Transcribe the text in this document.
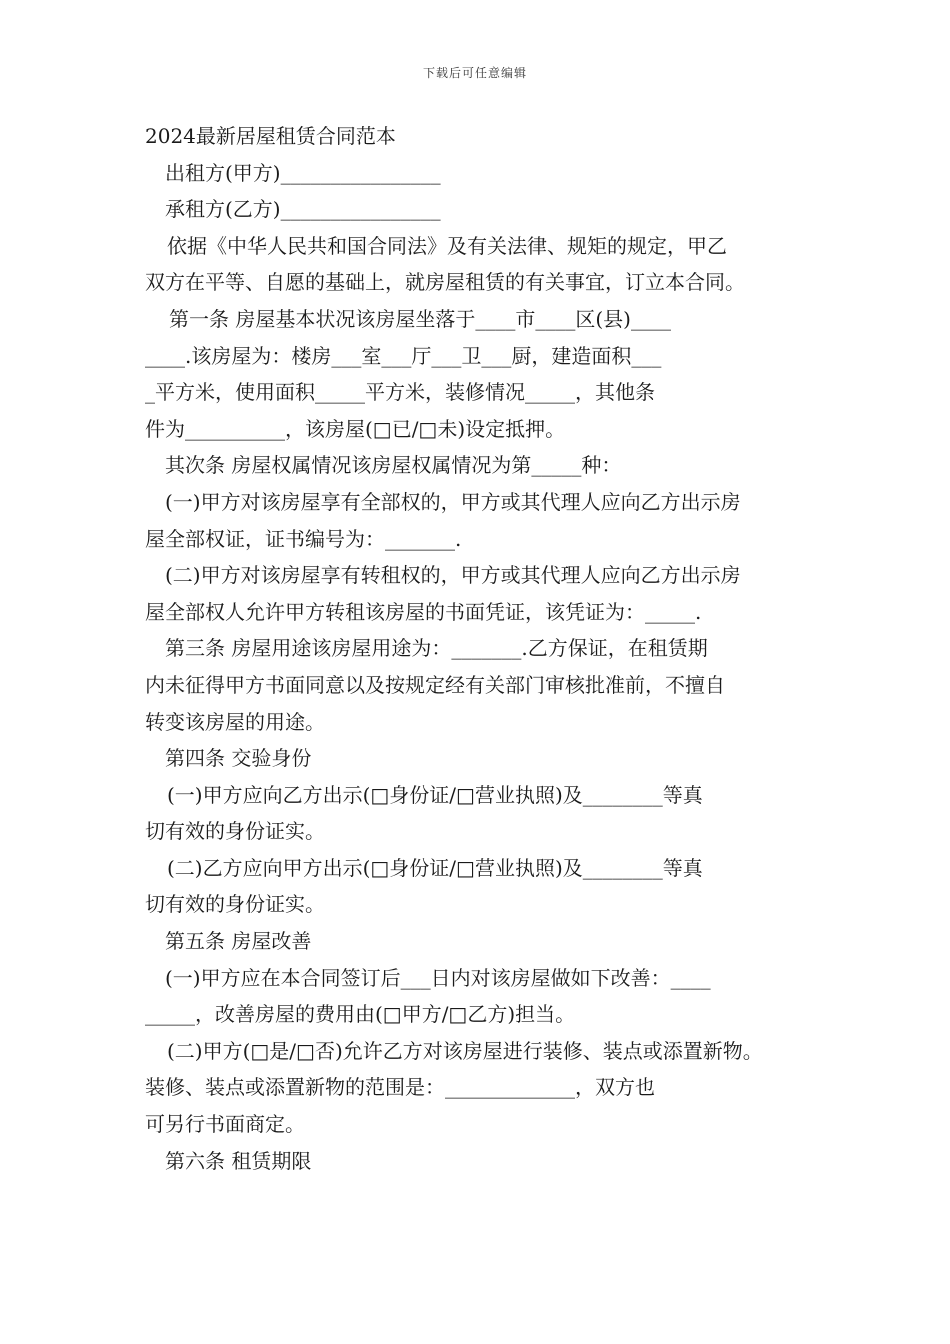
下载后可任意编辑

2024最新居屋租赁合同范本

出租方(甲方)________________

承租方(乙方)________________

依据《中华人民共和国合同法》及有关法律、规矩的规定，甲乙

双方在平等、自愿的基础上，就房屋租赁的有关事宜，订立本合同。

第一条 房屋基本状况该房屋坐落于____市____区(县)____

____.该房屋为：楼房___室___厅___卫___厨，建造面积___

_平方米，使用面积_____平方米，装修情况_____，其他条

件为__________，该房屋(□已/□未)设定抵押。

其次条 房屋权属情况该房屋权属情况为第_____种：

(一)甲方对该房屋享有全部权的，甲方或其代理人应向乙方出示房

屋全部权证，证书编号为：_______.

(二)甲方对该房屋享有转租权的，甲方或其代理人应向乙方出示房

屋全部权人允许甲方转租该房屋的书面凭证，该凭证为：_____.

第三条 房屋用途该房屋用途为：_______.乙方保证，在租赁期

内未征得甲方书面同意以及按规定经有关部门审核批准前，不擅自

转变该房屋的用途。

第四条 交验身份

(一)甲方应向乙方出示(□身份证/□营业执照)及________等真

切有效的身份证实。

(二)乙方应向甲方出示(□身份证/□营业执照)及________等真

切有效的身份证实。

第五条 房屋改善

(一)甲方应在本合同签订后___日内对该房屋做如下改善：____

_____，改善房屋的费用由(□甲方/□乙方)担当。

(二)甲方(□是/□否)允许乙方对该房屋进行装修、装点或添置新物。

装修、装点或添置新物的范围是：_____________，双方也

可另行书面商定。

第六条 租赁期限
